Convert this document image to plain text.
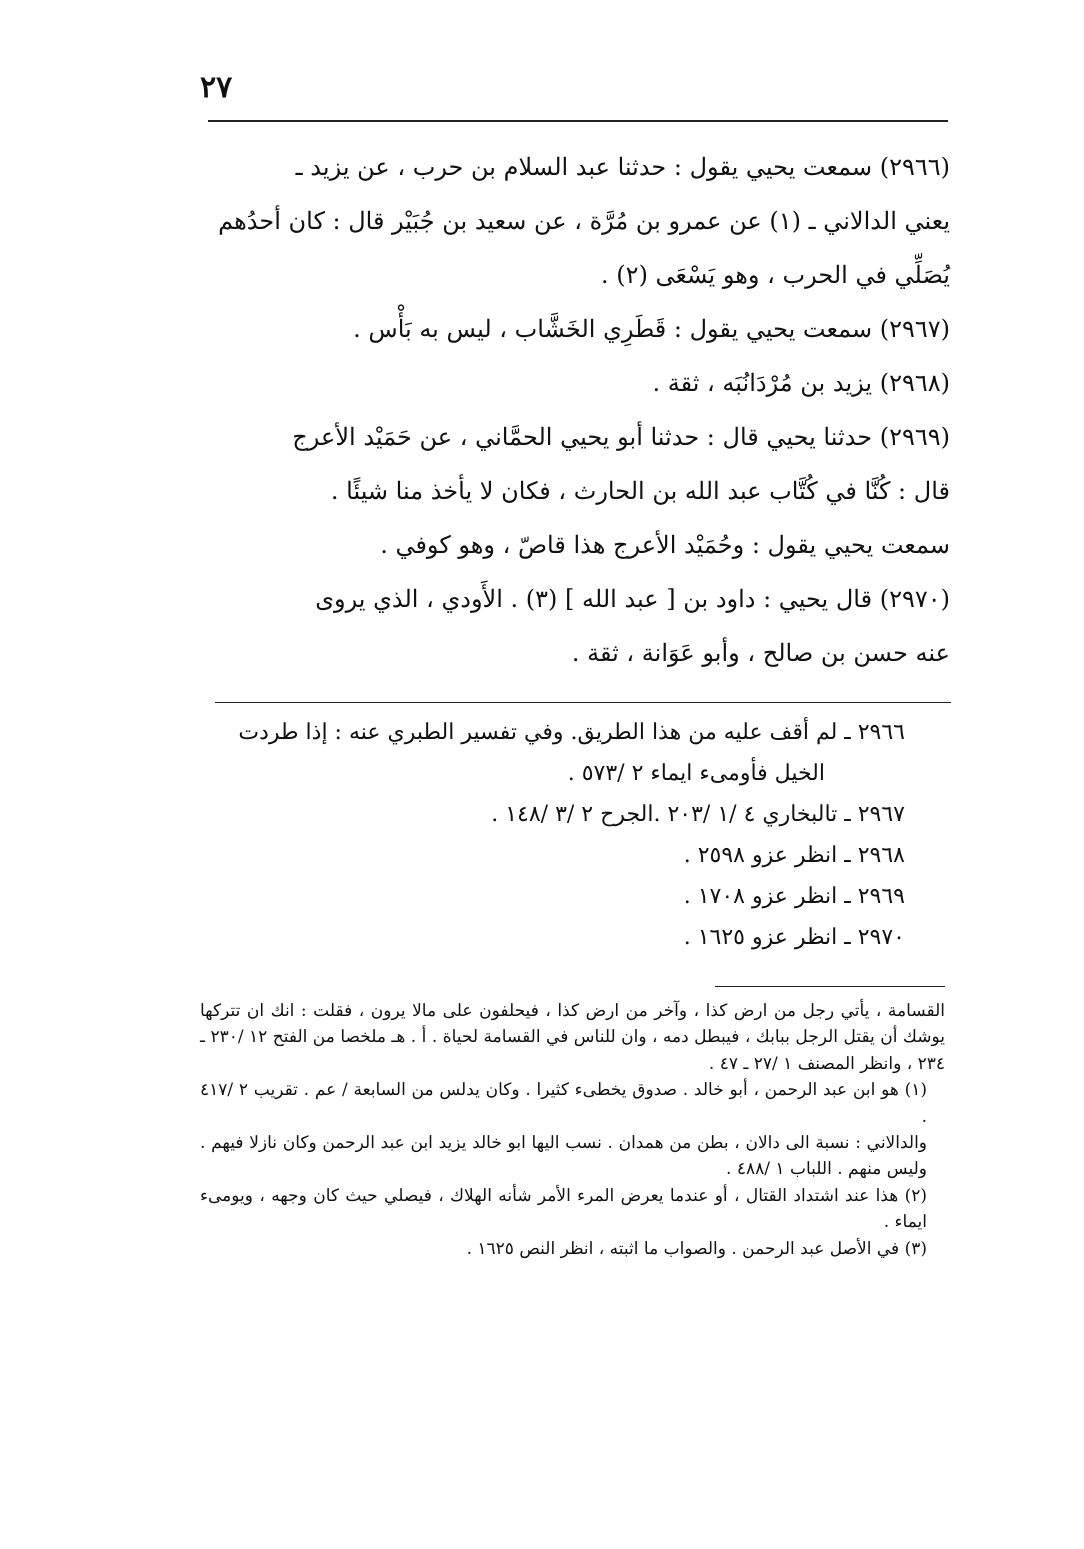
٢٧

(٢٩٦٦) سمعت يحيي يقول : حدثنا عبد السلام بن حرب ، عن يزيد ـ

يعني الدالاني ـ (١) عن عمرو بن مُرَّة ، عن سعيد بن جُبَيْر قال : كان أحدُهم

يُصَلِّي في الحرب ، وهو يَسْعَى (٢) .

(٢٩٦٧) سمعت يحيي يقول : قَطَرِي الخَشَّاب ، ليس به بَأْس .

(٢٩٦٨) يزيد بن مُرْدَانُبَه ، ثقة .

(٢٩٦٩) حدثنا يحيي قال : حدثنا أبو يحيي الحمَّاني ، عن حَمَيْد الأعرج

قال : كُنَّا في كُتَّاب عبد الله بن الحارث ، فكان لا يأخذ منا شيئًا .

سمعت يحيي يقول : وحُمَيْد الأعرج هذا قاصّ ، وهو كوفي .

(٢٩٧٠) قال يحيي : داود بن [ عبد الله ] (٣) . الأَودي ، الذي يروى

عنه حسن بن صالح ، وأبو عَوَانة ، ثقة .

٢٩٦٦ ـ لم أقف عليه من هذا الطريق. وفي تفسير الطبري عنه : إذا طردت

الخيل فأومىء ايماء ٢ /٥٧٣ .

٢٩٦٧ ـ تالبخاري ٤ /١ /٢٠٣ .الجرح ٢ /٣ /١٤٨ .

٢٩٦٨ ـ انظر عزو ٢٥٩٨ .

٢٩٦٩ ـ انظر عزو ١٧٠٨ .

٢٩٧٠ ـ انظر عزو ١٦٢٥ .

القسامة ، يأتي رجل من ارض كذا ، وآخر من ارض كذا ، فيحلفون على مالا يرون ، فقلت : انك ان تتركها يوشك أن يقتل الرجل ببابك ، فيبطل دمه ، وان للناس في القسامة لحياة . أ . هـ ملخصا من الفتح ١٢ /٢٣٠ ـ ٢٣٤ ، وانظر المصنف ١ /٢٧ ـ ٤٧ .

(١) هو ابن عبد الرحمن ، أبو خالد . صدوق يخطىء كثيرا . وكان يدلس من السابعة / عم . تقريب ٢ /٤١٧ .

والدالاني : نسبة الى دالان ، بطن من همدان . نسب اليها ابو خالد يزيد ابن عبد الرحمن وكان نازلا فيهم . وليس منهم . اللباب ١ /٤٨٨ .

(٢) هذا عند اشتداد القتال ، أو عندما يعرض المرء الأمر شأنه الهلاك ، فيصلي حيث كان وجهه ، ويومىء ايماء .

(٣) في الأصل عبد الرحمن . والصواب ما اثبته ، انظر النص ١٦٢٥ .
